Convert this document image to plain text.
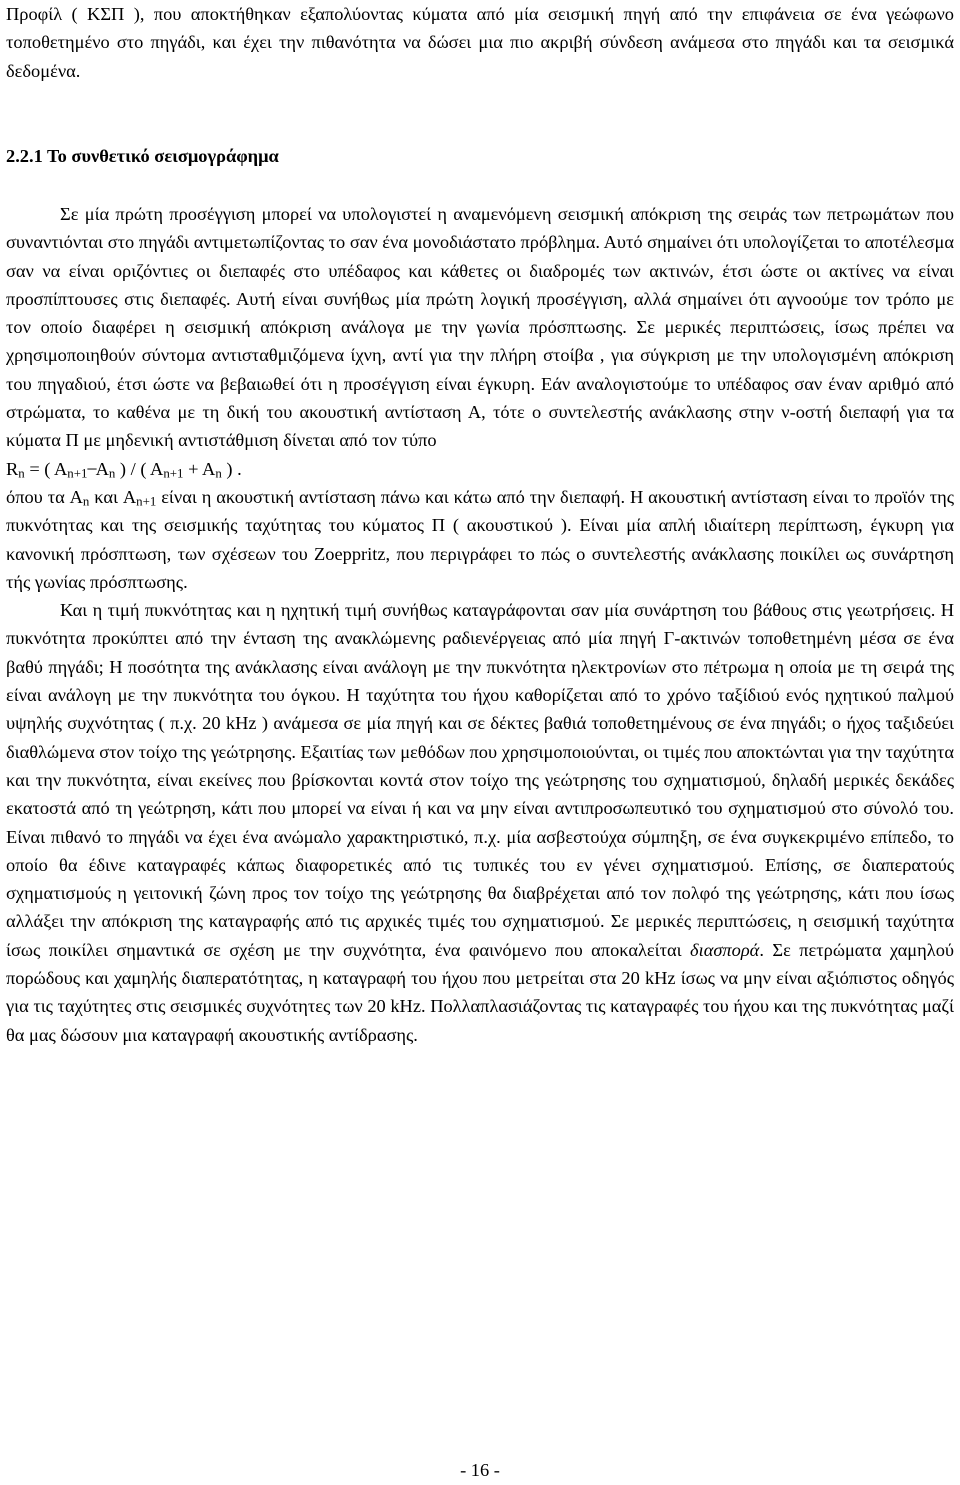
Προφίλ ( ΚΣΠ ), που αποκτήθηκαν εξαπολύοντας κύματα από μία σεισμική πηγή από την επιφάνεια σε ένα γεώφωνο τοποθετημένο στο πηγάδι, και έχει την πιθανότητα να δώσει μια πιο ακριβή σύνδεση ανάμεσα στο πηγάδι και τα σεισμικά δεδομένα.

2.2.1 Το συνθετικό σεισμογράφημα

Σε μία πρώτη προσέγγιση μπορεί να υπολογιστεί η αναμενόμενη σεισμική απόκριση της σειράς των πετρωμάτων που συναντιόνται στο πηγάδι αντιμετωπίζοντας το σαν ένα μονοδιάστατο πρόβλημα. Αυτό σημαίνει ότι υπολογίζεται το αποτέλεσμα σαν να είναι οριζόντιες οι διεπαφές στο υπέδαφος και κάθετες οι διαδρομές των ακτινών, έτσι ώστε οι ακτίνες να είναι προσπίπτουσες στις διεπαφές. Αυτή είναι συνήθως μία πρώτη λογική προσέγγιση, αλλά σημαίνει ότι αγνοούμε τον τρόπο με τον οποίο διαφέρει η σεισμική απόκριση ανάλογα με την γωνία πρόσπτωσης. Σε μερικές περιπτώσεις, ίσως πρέπει να χρησιμοποιηθούν σύντομα αντισταθμιζόμενα ίχνη, αντί για την πλήρη στοίβα , για σύγκριση με την υπολογισμένη απόκριση του πηγαδιού, έτσι ώστε να βεβαιωθεί ότι η προσέγγιση είναι έγκυρη. Εάν αναλογιστούμε το υπέδαφος σαν έναν αριθμό από στρώματα, το καθένα με τη δική του ακουστική αντίσταση Α, τότε ο συντελεστής ανάκλασης στην ν-οστή διεπαφή για τα κύματα Π με μηδενική αντιστάθμιση δίνεται από τον τύπο

$R_n$ = ( $A_{n+1}$ ̶ $A_n$ ) / ( $A_{n+1} + A_n$ ) .

όπου τα $A_n$ και $A_{n+1}$ είναι η ακουστική αντίσταση πάνω και κάτω από την διεπαφή. Η ακουστική αντίσταση είναι το προϊόν της πυκνότητας και της σεισμικής ταχύτητας του κύματος Π ( ακουστικού ). Είναι μία απλή ιδιαίτερη περίπτωση, έγκυρη για κανονική πρόσπτωση, των σχέσεων του Zoeppritz, που περιγράφει το πώς ο συντελεστής ανάκλασης ποικίλει ως συνάρτηση τής γωνίας πρόσπτωσης.

Και η τιμή πυκνότητας και η ηχητική τιμή συνήθως καταγράφονται σαν μία συνάρτηση του βάθους στις γεωτρήσεις. Η πυκνότητα προκύπτει από την ένταση της ανακλώμενης ραδιενέργειας από μία πηγή Γ-ακτινών τοποθετημένη μέσα σε ένα βαθύ πηγάδι; Η ποσότητα της ανάκλασης είναι ανάλογη με την πυκνότητα ηλεκτρονίων στο πέτρωμα η οποία με τη σειρά της είναι ανάλογη με την πυκνότητα του όγκου. Η ταχύτητα του ήχου καθορίζεται από το χρόνο ταξίδιού ενός ηχητικού παλμού υψηλής συχνότητας ( π.χ. 20 kHz ) ανάμεσα σε μία πηγή και σε δέκτες βαθιά τοποθετημένους σε ένα πηγάδι; ο ήχος ταξιδεύει διαθλώμενα στον τοίχο της γεώτρησης. Εξαιτίας των μεθόδων που χρησιμοποιούνται, οι τιμές που αποκτώνται για την ταχύτητα και την πυκνότητα, είναι εκείνες που βρίσκονται κοντά στον τοίχο της γεώτρησης του σχηματισμού, δηλαδή μερικές δεκάδες εκατοστά από τη γεώτρηση, κάτι που μπορεί να είναι ή και να μην είναι αντιπροσωπευτικό του σχηματισμού στο σύνολό του. Είναι πιθανό το πηγάδι να έχει ένα ανώμαλο χαρακτηριστικό, π.χ. μία ασβεστούχα σύμπηξη, σε ένα συγκεκριμένο επίπεδο, το οποίο θα έδινε καταγραφές κάπως διαφορετικές από τις τυπικές του εν γένει σχηματισμού. Επίσης, σε διαπερατούς σχηματισμούς η γειτονική ζώνη προς τον τοίχο της γεώτρησης θα διαβρέχεται από τον πολφό της γεώτρησης, κάτι που ίσως αλλάξει την απόκριση της καταγραφής από τις αρχικές τιμές του σχηματισμού. Σε μερικές περιπτώσεις, η σεισμική ταχύτητα ίσως ποικίλει σημαντικά σε σχέση με την συχνότητα, ένα φαινόμενο που αποκαλείται διασπορά. Σε πετρώματα χαμηλού πορώδους και χαμηλής διαπερατότητας, η καταγραφή του ήχου που μετρείται στα 20 kHz ίσως να μην είναι αξιόπιστος οδηγός για τις ταχύτητες στις σεισμικές συχνότητες των 20 kHz. Πολλαπλασιάζοντας τις καταγραφές του ήχου και της πυκνότητας μαζί θα μας δώσουν μια καταγραφή ακουστικής αντίδρασης.

- 16 -
